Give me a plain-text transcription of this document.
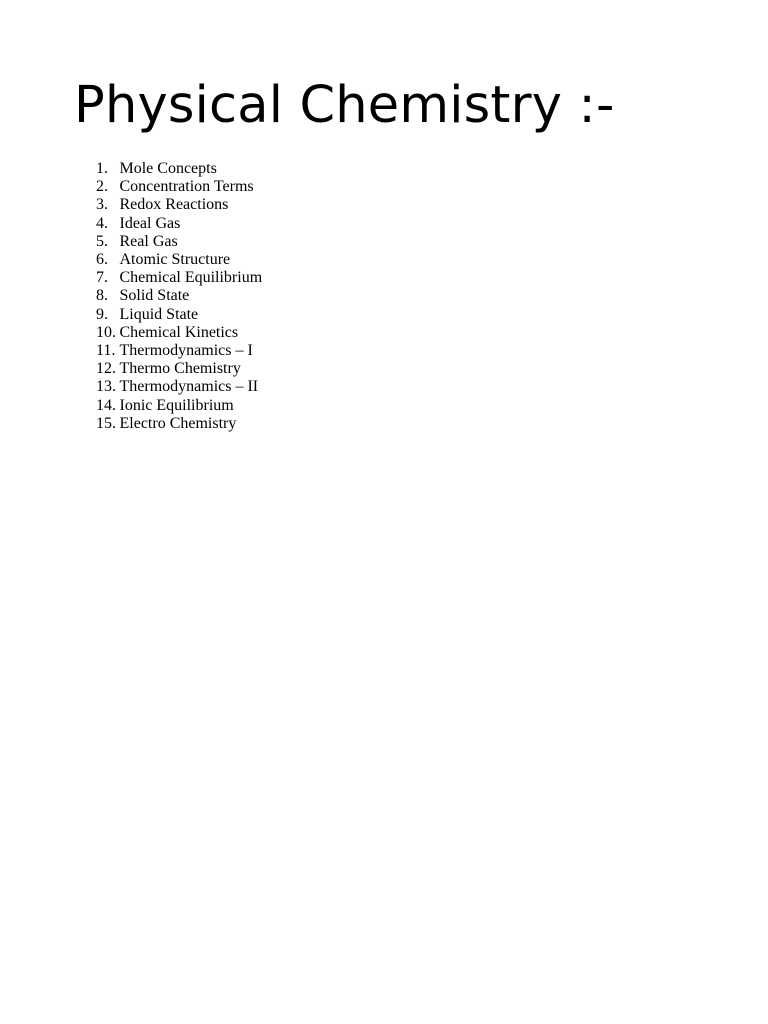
Physical Chemistry :-
1. Mole Concepts
2. Concentration Terms
3. Redox Reactions
4. Ideal Gas
5. Real Gas
6. Atomic Structure
7. Chemical Equilibrium
8. Solid State
9. Liquid State
10. Chemical Kinetics
11. Thermodynamics – I
12. Thermo Chemistry
13. Thermodynamics – II
14. Ionic Equilibrium
15. Electro Chemistry
